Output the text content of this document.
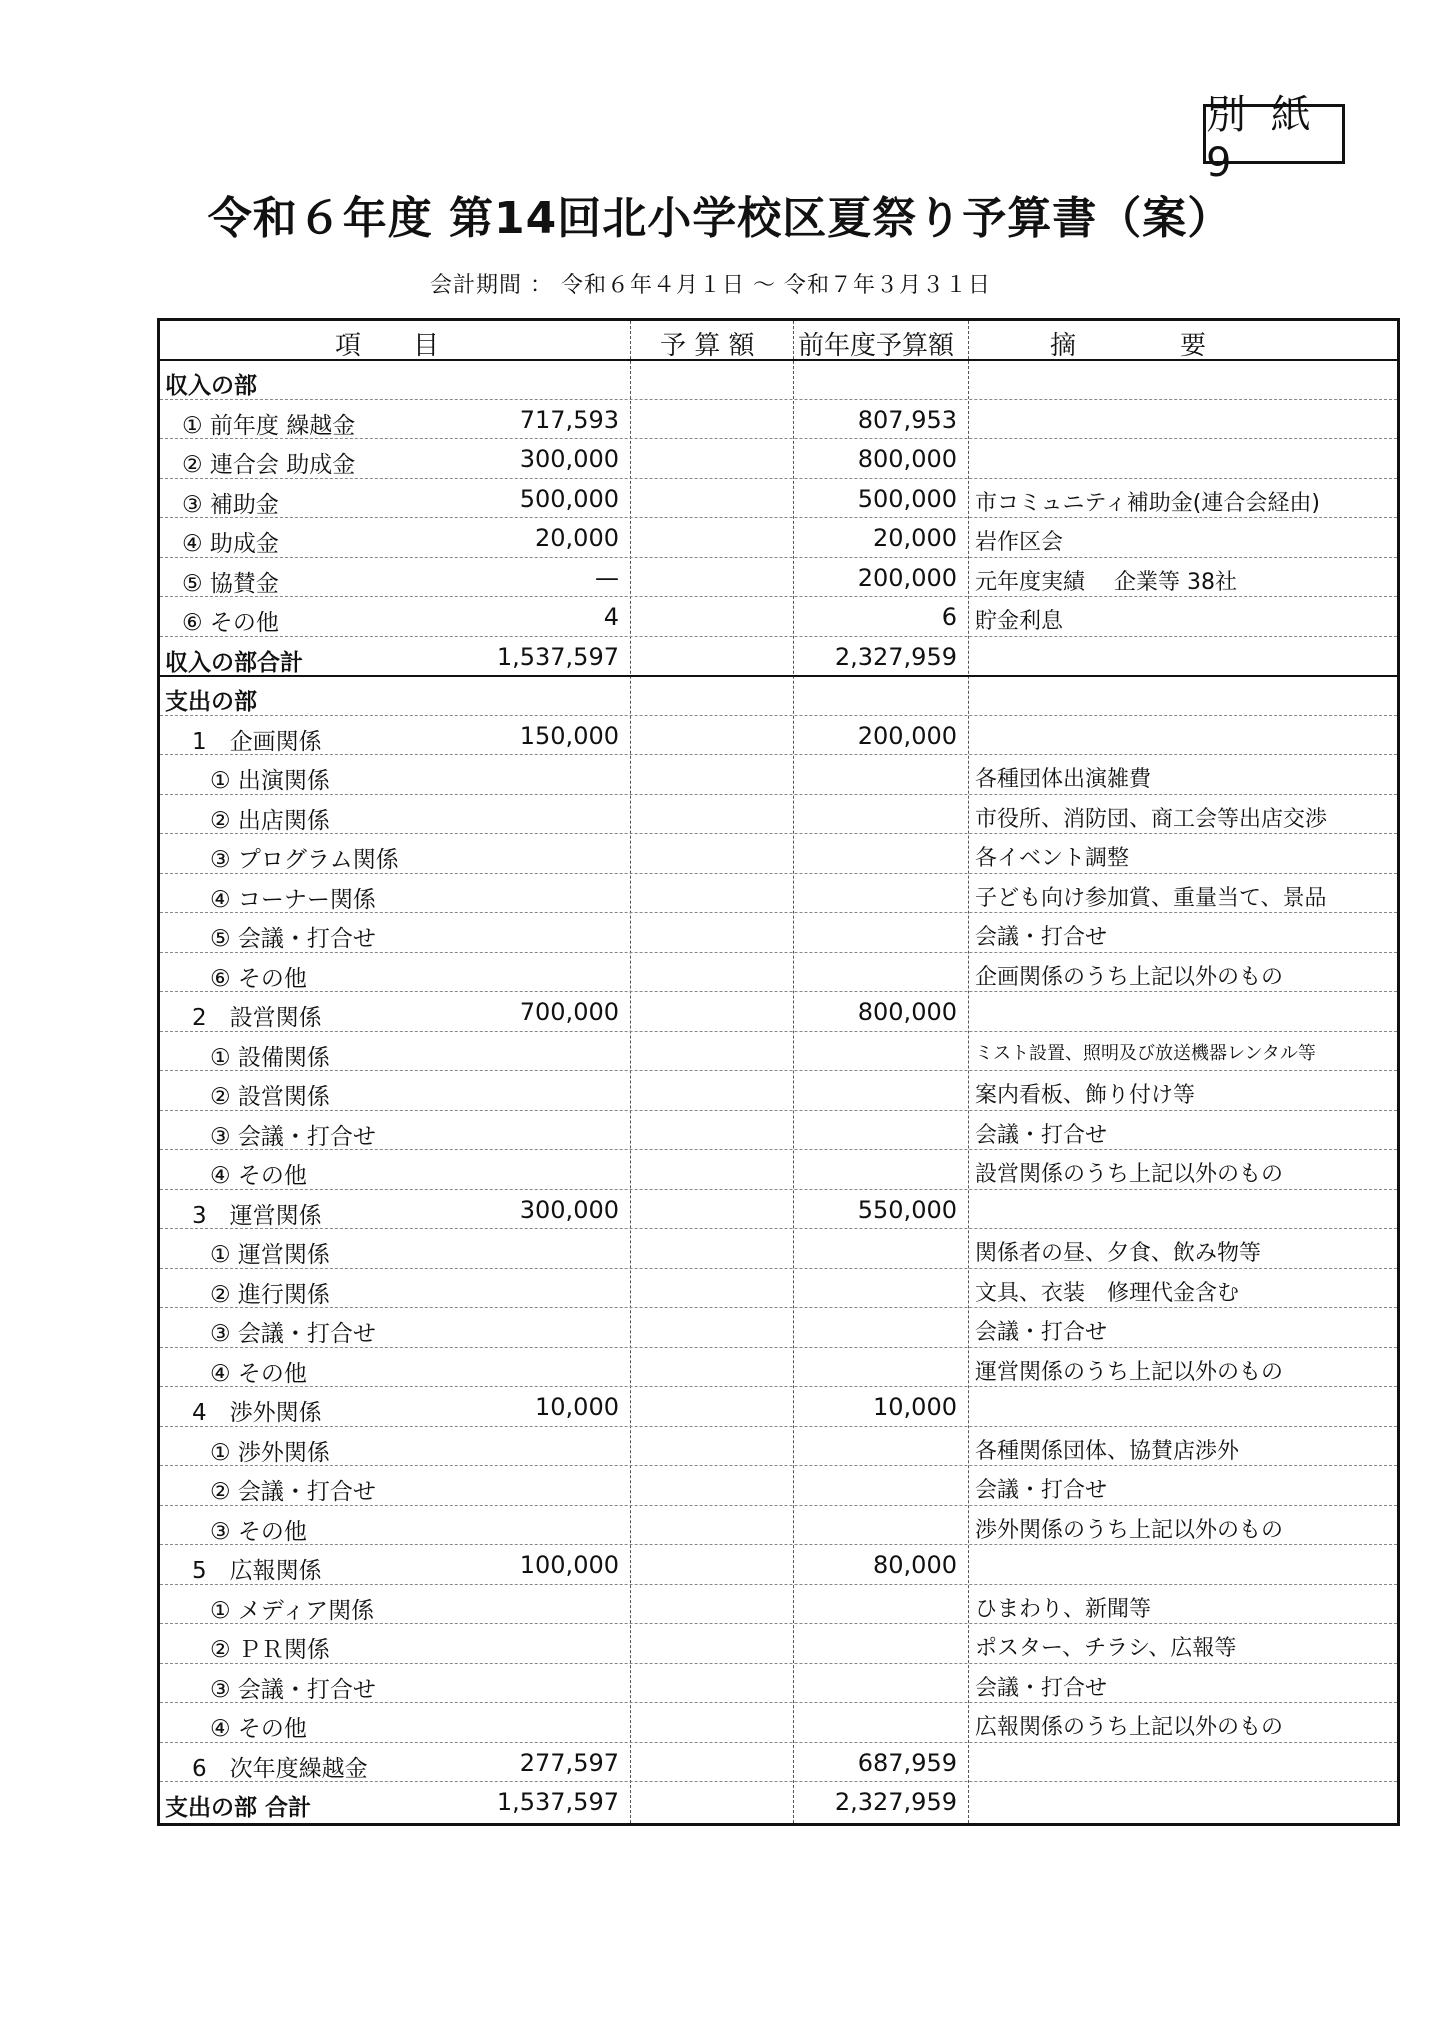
別 紙 9
令和６年度 第14回北小学校区夏祭り予算書（案）
会計期間 ： 令和６年４月１日 ～ 令和７年３月３１日
項　　目	予 算 額 前年度予算額	摘　　　　要
収入の部
① 前年度 繰越金	717,593	807,953
② 連合会 助成金	300,000	800,000
③ 補助金	500,000	500,000 市コミュニティ補助金(連合会経由)
④ 助成金	20,000	20,000 岩作区会
⑤ 協賛金	—	200,000 元年度実績　 企業等 38社
⑥ その他	4	6 貯金利息
収入の部合計	1,537,597	2,327,959
支出の部
1　企画関係	150,000	200,000
① 出演関係	各種団体出演雑費
② 出店関係	市役所、消防団、商工会等出店交渉
③ プログラム関係	各イベント調整
④ コーナー関係	子ども向け参加賞、重量当て、景品
⑤ 会議・打合せ	会議・打合せ
⑥ その他	企画関係のうち上記以外のもの
2　設営関係	700,000	800,000
① 設備関係	ミスト設置、照明及び放送機器レンタル等
② 設営関係	案内看板、飾り付け等
③ 会議・打合せ	会議・打合せ
④ その他	設営関係のうち上記以外のもの
3　運営関係	300,000	550,000
① 運営関係	関係者の昼、夕食、飲み物等
② 進行関係	文具、衣装　修理代金含む
③ 会議・打合せ	会議・打合せ
④ その他	運営関係のうち上記以外のもの
4　渉外関係	10,000	10,000
① 渉外関係	各種関係団体、協賛店渉外
② 会議・打合せ	会議・打合せ
③ その他	渉外関係のうち上記以外のもの
5　広報関係	100,000	80,000
① メディア関係	ひまわり、新聞等
② ＰＲ関係	ポスター、チラシ、広報等
③ 会議・打合せ	会議・打合せ
④ その他	広報関係のうち上記以外のもの
6　次年度繰越金	277,597	687,959
支出の部 合計	1,537,597	2,327,959
